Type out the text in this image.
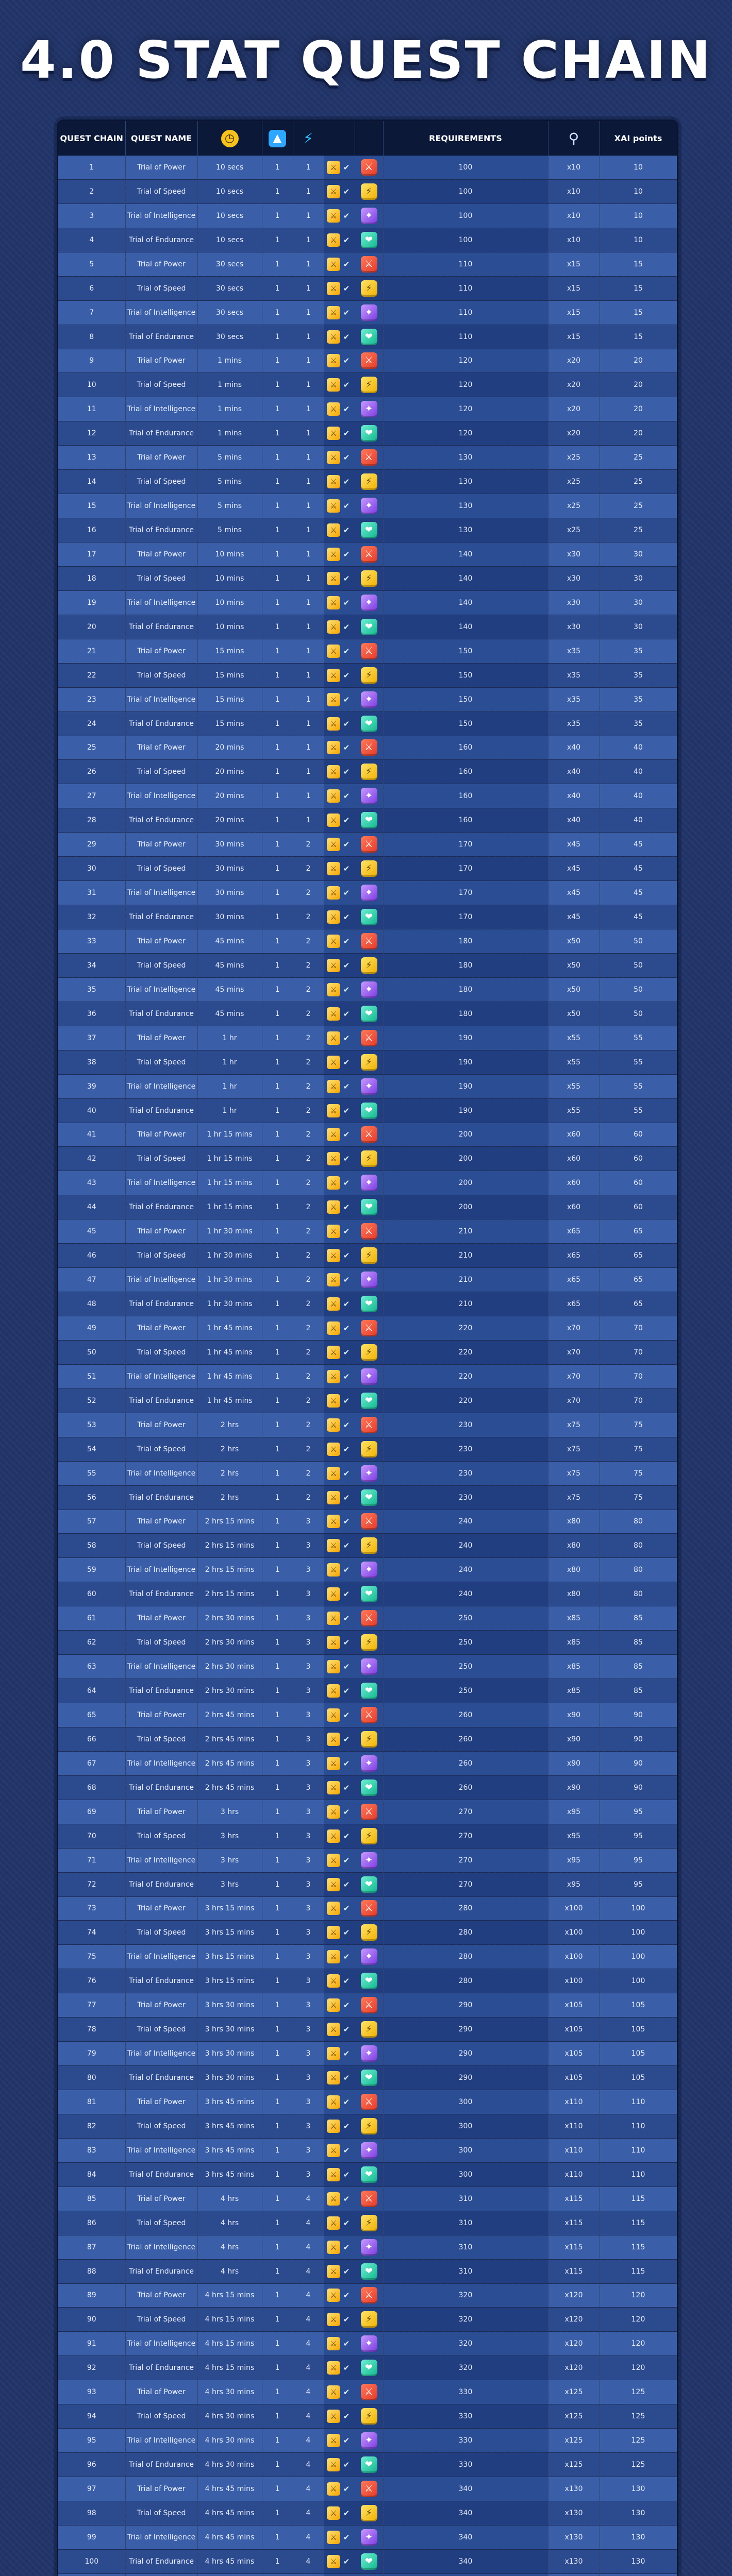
4.0 STAT QUEST CHAIN
QUEST CHAIN	QUEST NAME	◷	▲	⚡			REQUIREMENTS	⚲	XAI points
1	Trial of Power	10 secs	1	1	⚔ ✔	⚔	100	x10	10
2	Trial of Speed	10 secs	1	1	⚔ ✔	⚡	100	x10	10
3	Trial of Intelligence	10 secs	1	1	⚔ ✔	✦	100	x10	10
4	Trial of Endurance	10 secs	1	1	⚔ ✔	❤	100	x10	10
5	Trial of Power	30 secs	1	1	⚔ ✔	⚔	110	x15	15
6	Trial of Speed	30 secs	1	1	⚔ ✔	⚡	110	x15	15
7	Trial of Intelligence	30 secs	1	1	⚔ ✔	✦	110	x15	15
8	Trial of Endurance	30 secs	1	1	⚔ ✔	❤	110	x15	15
9	Trial of Power	1 mins	1	1	⚔ ✔	⚔	120	x20	20
10	Trial of Speed	1 mins	1	1	⚔ ✔	⚡	120	x20	20
11	Trial of Intelligence	1 mins	1	1	⚔ ✔	✦	120	x20	20
12	Trial of Endurance	1 mins	1	1	⚔ ✔	❤	120	x20	20
13	Trial of Power	5 mins	1	1	⚔ ✔	⚔	130	x25	25
14	Trial of Speed	5 mins	1	1	⚔ ✔	⚡	130	x25	25
15	Trial of Intelligence	5 mins	1	1	⚔ ✔	✦	130	x25	25
16	Trial of Endurance	5 mins	1	1	⚔ ✔	❤	130	x25	25
17	Trial of Power	10 mins	1	1	⚔ ✔	⚔	140	x30	30
18	Trial of Speed	10 mins	1	1	⚔ ✔	⚡	140	x30	30
19	Trial of Intelligence	10 mins	1	1	⚔ ✔	✦	140	x30	30
20	Trial of Endurance	10 mins	1	1	⚔ ✔	❤	140	x30	30
21	Trial of Power	15 mins	1	1	⚔ ✔	⚔	150	x35	35
22	Trial of Speed	15 mins	1	1	⚔ ✔	⚡	150	x35	35
23	Trial of Intelligence	15 mins	1	1	⚔ ✔	✦	150	x35	35
24	Trial of Endurance	15 mins	1	1	⚔ ✔	❤	150	x35	35
25	Trial of Power	20 mins	1	1	⚔ ✔	⚔	160	x40	40
26	Trial of Speed	20 mins	1	1	⚔ ✔	⚡	160	x40	40
27	Trial of Intelligence	20 mins	1	1	⚔ ✔	✦	160	x40	40
28	Trial of Endurance	20 mins	1	1	⚔ ✔	❤	160	x40	40
29	Trial of Power	30 mins	1	2	⚔ ✔	⚔	170	x45	45
30	Trial of Speed	30 mins	1	2	⚔ ✔	⚡	170	x45	45
31	Trial of Intelligence	30 mins	1	2	⚔ ✔	✦	170	x45	45
32	Trial of Endurance	30 mins	1	2	⚔ ✔	❤	170	x45	45
33	Trial of Power	45 mins	1	2	⚔ ✔	⚔	180	x50	50
34	Trial of Speed	45 mins	1	2	⚔ ✔	⚡	180	x50	50
35	Trial of Intelligence	45 mins	1	2	⚔ ✔	✦	180	x50	50
36	Trial of Endurance	45 mins	1	2	⚔ ✔	❤	180	x50	50
37	Trial of Power	1 hr	1	2	⚔ ✔	⚔	190	x55	55
38	Trial of Speed	1 hr	1	2	⚔ ✔	⚡	190	x55	55
39	Trial of Intelligence	1 hr	1	2	⚔ ✔	✦	190	x55	55
40	Trial of Endurance	1 hr	1	2	⚔ ✔	❤	190	x55	55
41	Trial of Power	1 hr 15 mins	1	2	⚔ ✔	⚔	200	x60	60
42	Trial of Speed	1 hr 15 mins	1	2	⚔ ✔	⚡	200	x60	60
43	Trial of Intelligence	1 hr 15 mins	1	2	⚔ ✔	✦	200	x60	60
44	Trial of Endurance	1 hr 15 mins	1	2	⚔ ✔	❤	200	x60	60
45	Trial of Power	1 hr 30 mins	1	2	⚔ ✔	⚔	210	x65	65
46	Trial of Speed	1 hr 30 mins	1	2	⚔ ✔	⚡	210	x65	65
47	Trial of Intelligence	1 hr 30 mins	1	2	⚔ ✔	✦	210	x65	65
48	Trial of Endurance	1 hr 30 mins	1	2	⚔ ✔	❤	210	x65	65
49	Trial of Power	1 hr 45 mins	1	2	⚔ ✔	⚔	220	x70	70
50	Trial of Speed	1 hr 45 mins	1	2	⚔ ✔	⚡	220	x70	70
51	Trial of Intelligence	1 hr 45 mins	1	2	⚔ ✔	✦	220	x70	70
52	Trial of Endurance	1 hr 45 mins	1	2	⚔ ✔	❤	220	x70	70
53	Trial of Power	2 hrs	1	2	⚔ ✔	⚔	230	x75	75
54	Trial of Speed	2 hrs	1	2	⚔ ✔	⚡	230	x75	75
55	Trial of Intelligence	2 hrs	1	2	⚔ ✔	✦	230	x75	75
56	Trial of Endurance	2 hrs	1	2	⚔ ✔	❤	230	x75	75
57	Trial of Power	2 hrs 15 mins	1	3	⚔ ✔	⚔	240	x80	80
58	Trial of Speed	2 hrs 15 mins	1	3	⚔ ✔	⚡	240	x80	80
59	Trial of Intelligence	2 hrs 15 mins	1	3	⚔ ✔	✦	240	x80	80
60	Trial of Endurance	2 hrs 15 mins	1	3	⚔ ✔	❤	240	x80	80
61	Trial of Power	2 hrs 30 mins	1	3	⚔ ✔	⚔	250	x85	85
62	Trial of Speed	2 hrs 30 mins	1	3	⚔ ✔	⚡	250	x85	85
63	Trial of Intelligence	2 hrs 30 mins	1	3	⚔ ✔	✦	250	x85	85
64	Trial of Endurance	2 hrs 30 mins	1	3	⚔ ✔	❤	250	x85	85
65	Trial of Power	2 hrs 45 mins	1	3	⚔ ✔	⚔	260	x90	90
66	Trial of Speed	2 hrs 45 mins	1	3	⚔ ✔	⚡	260	x90	90
67	Trial of Intelligence	2 hrs 45 mins	1	3	⚔ ✔	✦	260	x90	90
68	Trial of Endurance	2 hrs 45 mins	1	3	⚔ ✔	❤	260	x90	90
69	Trial of Power	3 hrs	1	3	⚔ ✔	⚔	270	x95	95
70	Trial of Speed	3 hrs	1	3	⚔ ✔	⚡	270	x95	95
71	Trial of Intelligence	3 hrs	1	3	⚔ ✔	✦	270	x95	95
72	Trial of Endurance	3 hrs	1	3	⚔ ✔	❤	270	x95	95
73	Trial of Power	3 hrs 15 mins	1	3	⚔ ✔	⚔	280	x100	100
74	Trial of Speed	3 hrs 15 mins	1	3	⚔ ✔	⚡	280	x100	100
75	Trial of Intelligence	3 hrs 15 mins	1	3	⚔ ✔	✦	280	x100	100
76	Trial of Endurance	3 hrs 15 mins	1	3	⚔ ✔	❤	280	x100	100
77	Trial of Power	3 hrs 30 mins	1	3	⚔ ✔	⚔	290	x105	105
78	Trial of Speed	3 hrs 30 mins	1	3	⚔ ✔	⚡	290	x105	105
79	Trial of Intelligence	3 hrs 30 mins	1	3	⚔ ✔	✦	290	x105	105
80	Trial of Endurance	3 hrs 30 mins	1	3	⚔ ✔	❤	290	x105	105
81	Trial of Power	3 hrs 45 mins	1	3	⚔ ✔	⚔	300	x110	110
82	Trial of Speed	3 hrs 45 mins	1	3	⚔ ✔	⚡	300	x110	110
83	Trial of Intelligence	3 hrs 45 mins	1	3	⚔ ✔	✦	300	x110	110
84	Trial of Endurance	3 hrs 45 mins	1	3	⚔ ✔	❤	300	x110	110
85	Trial of Power	4 hrs	1	4	⚔ ✔	⚔	310	x115	115
86	Trial of Speed	4 hrs	1	4	⚔ ✔	⚡	310	x115	115
87	Trial of Intelligence	4 hrs	1	4	⚔ ✔	✦	310	x115	115
88	Trial of Endurance	4 hrs	1	4	⚔ ✔	❤	310	x115	115
89	Trial of Power	4 hrs 15 mins	1	4	⚔ ✔	⚔	320	x120	120
90	Trial of Speed	4 hrs 15 mins	1	4	⚔ ✔	⚡	320	x120	120
91	Trial of Intelligence	4 hrs 15 mins	1	4	⚔ ✔	✦	320	x120	120
92	Trial of Endurance	4 hrs 15 mins	1	4	⚔ ✔	❤	320	x120	120
93	Trial of Power	4 hrs 30 mins	1	4	⚔ ✔	⚔	330	x125	125
94	Trial of Speed	4 hrs 30 mins	1	4	⚔ ✔	⚡	330	x125	125
95	Trial of Intelligence	4 hrs 30 mins	1	4	⚔ ✔	✦	330	x125	125
96	Trial of Endurance	4 hrs 30 mins	1	4	⚔ ✔	❤	330	x125	125
97	Trial of Power	4 hrs 45 mins	1	4	⚔ ✔	⚔	340	x130	130
98	Trial of Speed	4 hrs 45 mins	1	4	⚔ ✔	⚡	340	x130	130
99	Trial of Intelligence	4 hrs 45 mins	1	4	⚔ ✔	✦	340	x130	130
100	Trial of Endurance	4 hrs 45 mins	1	4	⚔ ✔	❤	340	x130	130
